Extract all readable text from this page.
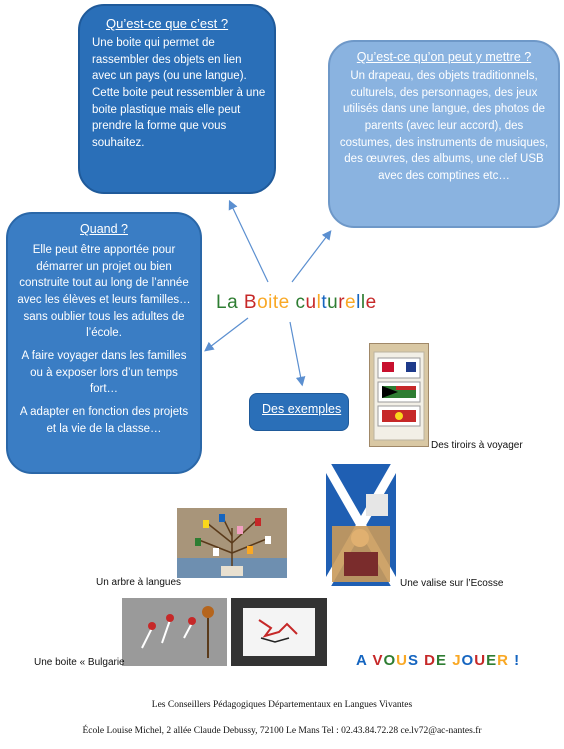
Qu’est-ce que c’est ?
Une boite qui permet de rassembler des objets en lien avec un pays (ou une langue). Cette boite peut ressembler à une boite plastique mais elle peut prendre la forme que vous souhaitez.
Qu’est-ce qu’on peut y mettre ?
Un drapeau, des objets traditionnels, culturels, des personnages, des jeux utilisés dans une langue, des photos de parents (avec leur accord), des costumes, des instruments de musiques, des œuvres, des albums, une clef USB avec des comptines etc…
Quand ?
Elle peut être apportée pour démarrer un projet ou bien construite tout au long de l’année avec les élèves et leurs familles…sans oublier tous les adultes de l’école.
A faire voyager dans les familles ou à exposer lors d’un temps fort…
A adapter en fonction des projets et la vie de la classe…
La Boite culturelle
Des exemples
Des tiroirs à voyager
Une valise sur l’Ecosse
Un arbre à langues
Une boite « Bulgarie	A VOUS DE JOUER !
Les Conseillers Pédagogiques Départementaux en Langues Vivantes
École Louise Michel, 2 allée Claude Debussy, 72100 Le Mans Tel : 02.43.84.72.28 ce.lv72@ac-nantes.fr
